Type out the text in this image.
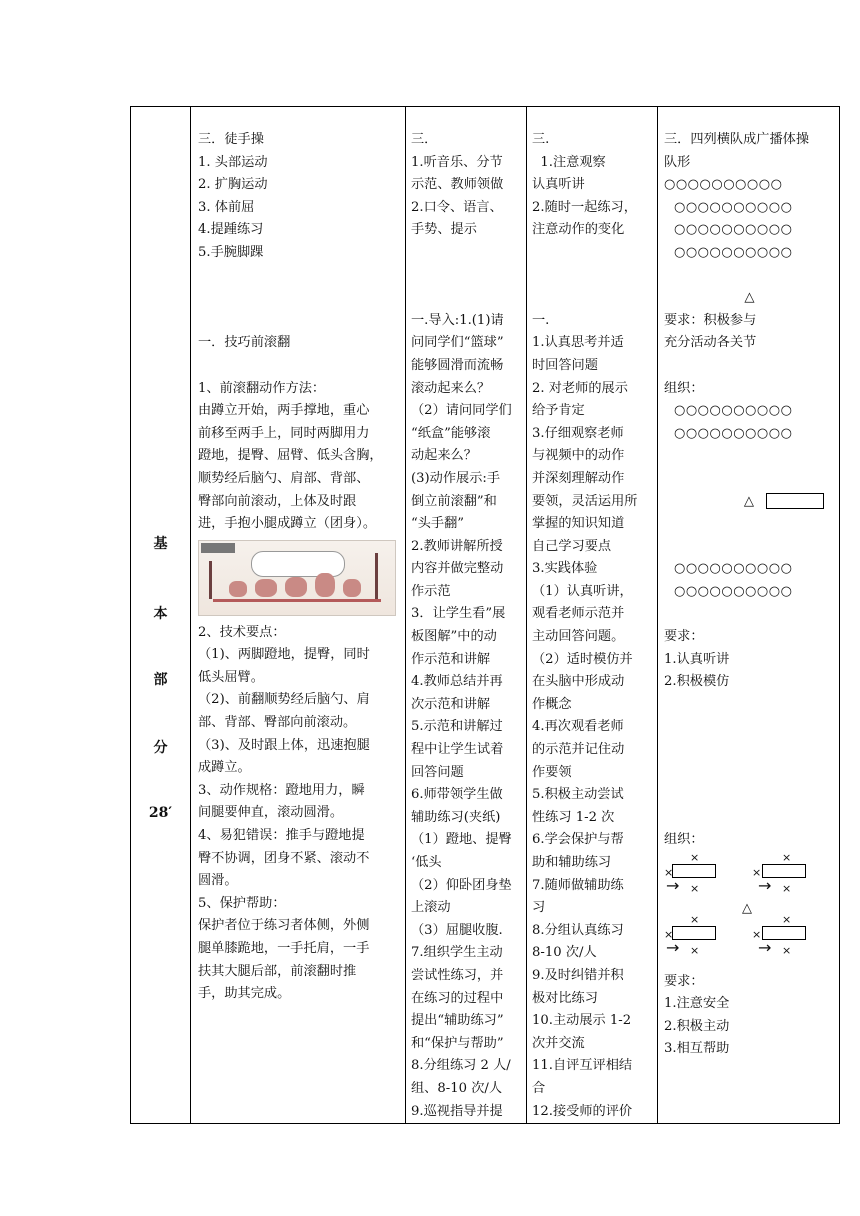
基
本
部
分
28′

三．徒手操
1. 头部运动
2. 扩胸运动
3. 体前屈
4.提踵练习
5.手腕脚踝
一．技巧前滚翻
1、前滚翻动作方法：
由蹲立开始，两手撑地，重心
前移至两手上，同时两脚用力
蹬地，提臀、屈臂、低头含胸，
顺势经后脑勺、肩部、背部、
臀部向前滚动，上体及时跟
进，手抱小腿成蹲立（团身）。
2、技术要点：
（1)、两脚蹬地，提臀，同时
低头屈臂。
（2)、前翻顺势经后脑勺、肩
部、背部、臀部向前滚动。
（3)、及时跟上体，迅速抱腿
成蹲立。
3、动作规格：蹬地用力，瞬
间腿要伸直，滚动圆滑。
4、易犯错误：推手与蹬地提
臀不协调，团身不紧、滚动不
圆滑。
5、保护帮助：
保护者位于练习者体侧，外侧
腿单膝跪地，一手托肩，一手
扶其大腿后部，前滚翻时推
手，助其完成。

三．
1.听音乐、分节
示范、教师领做
2.口令、语言、
手势、提示
一.导入:1.(1)请
问同学们“篮球”
能够圆滑而流畅
滚动起来么？
（2）请问同学们
“纸盒”能够滚
动起来么？
(3)动作展示:手
倒立前滚翻”和
“头手翻”
2.教师讲解所授
内容并做完整动
作示范
3．让学生看”展
板图解”中的动
作示范和讲解
4.教师总结并再
次示范和讲解
5.示范和讲解过
程中让学生试着
回答问题
6.师带领学生做
辅助练习(夹纸)
（1）蹬地、提臀
‘低头
（2）仰卧团身垫
上滚动
（3）屈腿收腹.
7.组织学生主动
尝试性练习，并
在练习的过程中
提出“辅助练习”
和“保护与帮助”
8.分组练习 2 人/
组、8-10 次/人
9.巡视指导并提

三.
1.注意观察
认真听讲
2.随时一起练习，
注意动作的变化
一.
1.认真思考并适
时回答问题
2. 对老师的展示
给予肯定
3.仔细观察老师
与视频中的动作
并深刻理解动作
要领，灵活运用所
掌握的知识知道
自己学习要点
3.实践体验
（1）认真听讲，
观看老师示范并
主动回答问题。
（2）适时模仿并
在头脑中形成动
作概念
4.再次观看老师
的示范并记住动
作要领
5.积极主动尝试
性练习 1-2 次
6.学会保护与帮
助和辅助练习
7.随师做辅助练
习
8.分组认真练习
8-10 次/人
9.及时纠错并积
极对比练习
10.主动展示 1-2
次并交流
11.自评互评相结
合
12.接受师的评价

三．四列横队成广播体操
队形
○○○○○○○○○○
○○○○○○○○○○
○○○○○○○○○○
○○○○○○○○○○
△
要求：积极参与
充分活动各关节
组织：
○○○○○○○○○○
○○○○○○○○○○

△

○○○○○○○○○○
○○○○○○○○○○
要求：
1.认真听讲
2.积极模仿
组织：
×
×
→ ×
×
×
→ ×
△
×
×
→ ×
×
×
→ ×
要求：
1.注意安全
2.积极主动
3.相互帮助
